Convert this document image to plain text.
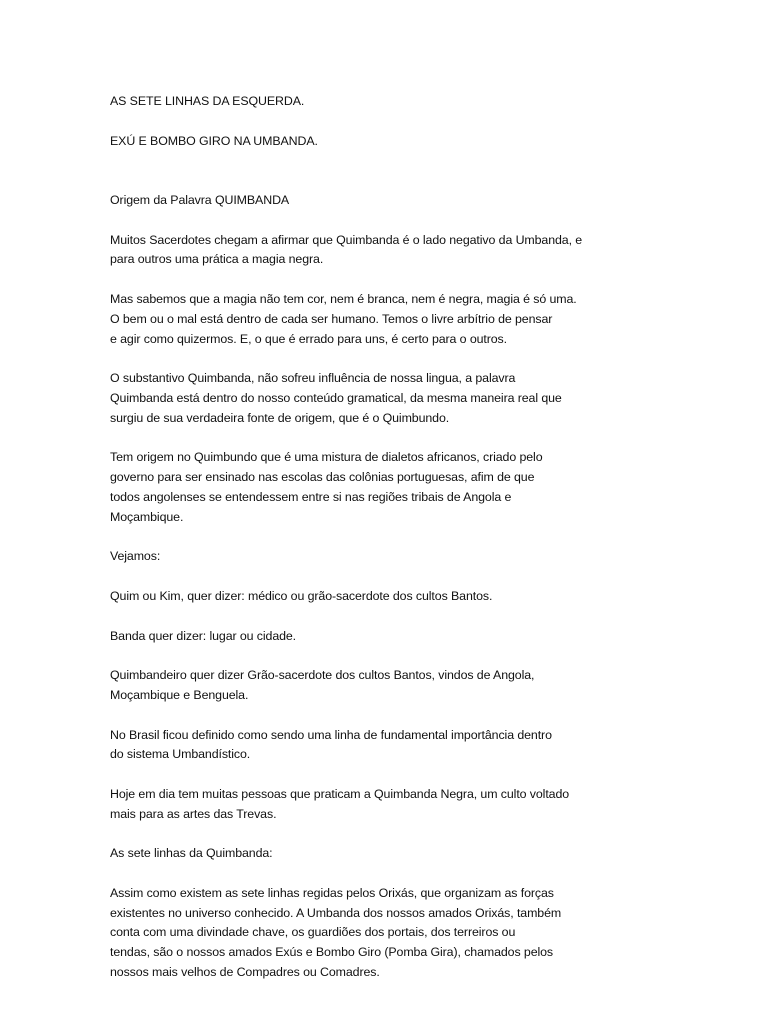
AS SETE LINHAS DA ESQUERDA.
EXÚ E BOMBO GIRO NA UMBANDA.
Origem da Palavra QUIMBANDA
Muitos Sacerdotes chegam a afirmar que Quimbanda é o lado negativo da Umbanda, e
para outros uma prática a magia negra.
Mas sabemos que a magia não tem cor, nem é branca, nem é negra, magia é só uma.
O bem ou o mal está dentro de cada ser humano. Temos o livre arbítrio de pensar
e agir como quizermos. E, o que é errado para uns, é certo para o outros.
O substantivo Quimbanda, não sofreu influência de nossa lingua, a palavra
Quimbanda está dentro do nosso conteúdo gramatical, da mesma maneira real que
surgiu de sua verdadeira fonte de origem, que é o Quimbundo.
Tem origem no Quimbundo que é uma mistura de dialetos africanos, criado pelo
governo para ser ensinado nas escolas das colônias portuguesas, afim de que
todos angolenses se entendessem entre si nas regiões tribais de Angola e
Moçambique.
Vejamos:
Quim ou Kim, quer dizer: médico ou grão-sacerdote dos cultos Bantos.
Banda quer dizer: lugar ou cidade.
Quimbandeiro quer dizer Grão-sacerdote dos cultos Bantos, vindos de Angola,
Moçambique e Benguela.
No Brasil ficou definido como sendo uma linha de fundamental importância dentro
do sistema Umbandístico.
Hoje em dia tem muitas pessoas que praticam a Quimbanda Negra, um culto voltado
mais para as artes das Trevas.
As sete linhas da Quimbanda:
Assim como existem as sete linhas regidas pelos Orixás, que organizam as forças
existentes no universo conhecido. A Umbanda dos nossos amados Orixás, também
conta com uma divindade chave, os guardiões dos portais, dos terreiros ou
tendas, são o nossos amados Exús e Bombo Giro (Pomba Gira), chamados pelos
nossos mais velhos de Compadres ou Comadres.
